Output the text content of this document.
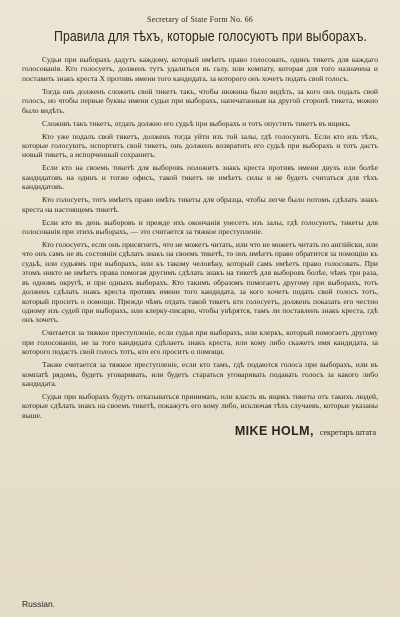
Secretary of State Form No. 66
Правила для тѣхъ, которые голосуютъ при выборахъ.

Судьи при выборахъ дадутъ каждому, который имѣетъ право голосовать, одинъ тикетъ для каждаго голосованія. Кто голосуетъ, долженъ тутъ удалиться въ галу, или компату, которая для того назначена и поставить знакъ креста X противъ имени того кандидата, за которого онъ хочетъ подать свой голосъ.

Тогда онъ долженъ сложить свой тикетъ такъ, чтобы нюжина было видѣть, за кого онъ подалъ свой голосъ, но чтобы первые буквы имени судьи при выборахъ, напечатанныя на другой сторонѣ тикета, можно было видѣть.

Сложивъ такъ тикетъ, отдать должно его судьѣ при выборахъ и тотъ опустить тикетъ въ ящикъ.

Кто уже подалъ свой тикетъ, долженъ тогда уйти изъ той залы, гдѣ голосуютъ. Если кто изъ тѣхъ, которые голосуютъ, испортитъ свой тикетъ, онъ долженъ возвратить его судьѣ при выборахъ и тотъ дастъ новый тикетъ, а испорченный сохранитъ.

Если кто на своемъ тикетѣ для выборовъ положитъ знакъ креста противъ имени двухъ или болѣе кандидатовъ на одинъ и тотже офисъ, такой тикетъ не имѣетъ силы и не будетъ считаться для тѣхъ кандидатовъ.

Кто голосуетъ, тотъ имѣетъ право имѣть тикеты для образца, чтобы легче было потомъ сдѣлать знакъ креста на настоящемъ тикетѣ.

Если кто въ день выборовъ и прежде ихъ окончанія унесетъ изъ залы, гдѣ голосуютъ, тикеты для голосованія при этихъ выборахъ, — это считается за тяжкое преступленіе.

Кто голосуетъ, если онъ присягнетъ, что не можетъ читать, или что не можетъ читать по англійски, или что онъ самъ не въ состояніи сдѣлать знакъ на своемъ тикетѣ, то онъ имѣетъ право обратится за помощію къ судьѣ, или судьямъ при выборахъ, или къ такому человѣку, который самъ имѣетъ право голосовать. При этомъ никто не имѣетъ права помогая другимъ сдѣлать знакъ на тикетѣ для выборовъ болѣе, чѣмъ три раза, въ одномъ округѣ, и при одныхъ выборахъ. Кто такимъ образомъ помогаетъ другому при выборахъ, тотъ долженъ сдѣлать знакъ креста противъ имени того кандидата, за кого хочетъ подать свой голосъ тотъ, который проситъ о помощи. Прежде чѣмъ отдать такой тикетъ кто голосуетъ, долженъ показать его честно одному изъ судей при выборахъ, или клерку-писарю, чтобы увѣрятся, тамъ ли поставленъ знакъ креста, гдѣ онъ хочетъ.

Считается за тяжкое преступленіе, если судья при выборахъ, или клеркъ, который помогаетъ другому при голосованіи, не за того кандидата сдѣлаетъ знакъ креста, или кому либо скажетъ имя кандидата, за которого подастъ свой голосъ тотъ, кто его проситъ о помощи.

Также считается за тяжкое преступленіе, если кто тамъ, гдѣ подаются голоса при выборахъ, или въ компатѣ рядомъ, будетъ уговаривать, или будетъ стараться уговаривать подавать голосъ за какого либо кандидата.

Судьи при выборахъ будутъ отказываться принимать, или класть въ ящикъ тикеты отъ такихъ людей, которые сдѣлать знакъ на своемъ тикетѣ, покажутъ его кому либо, исключая тѣхъ случаевъ, которые указаны выше.

MIKE HOLM, секретаръ штата
Russian.
